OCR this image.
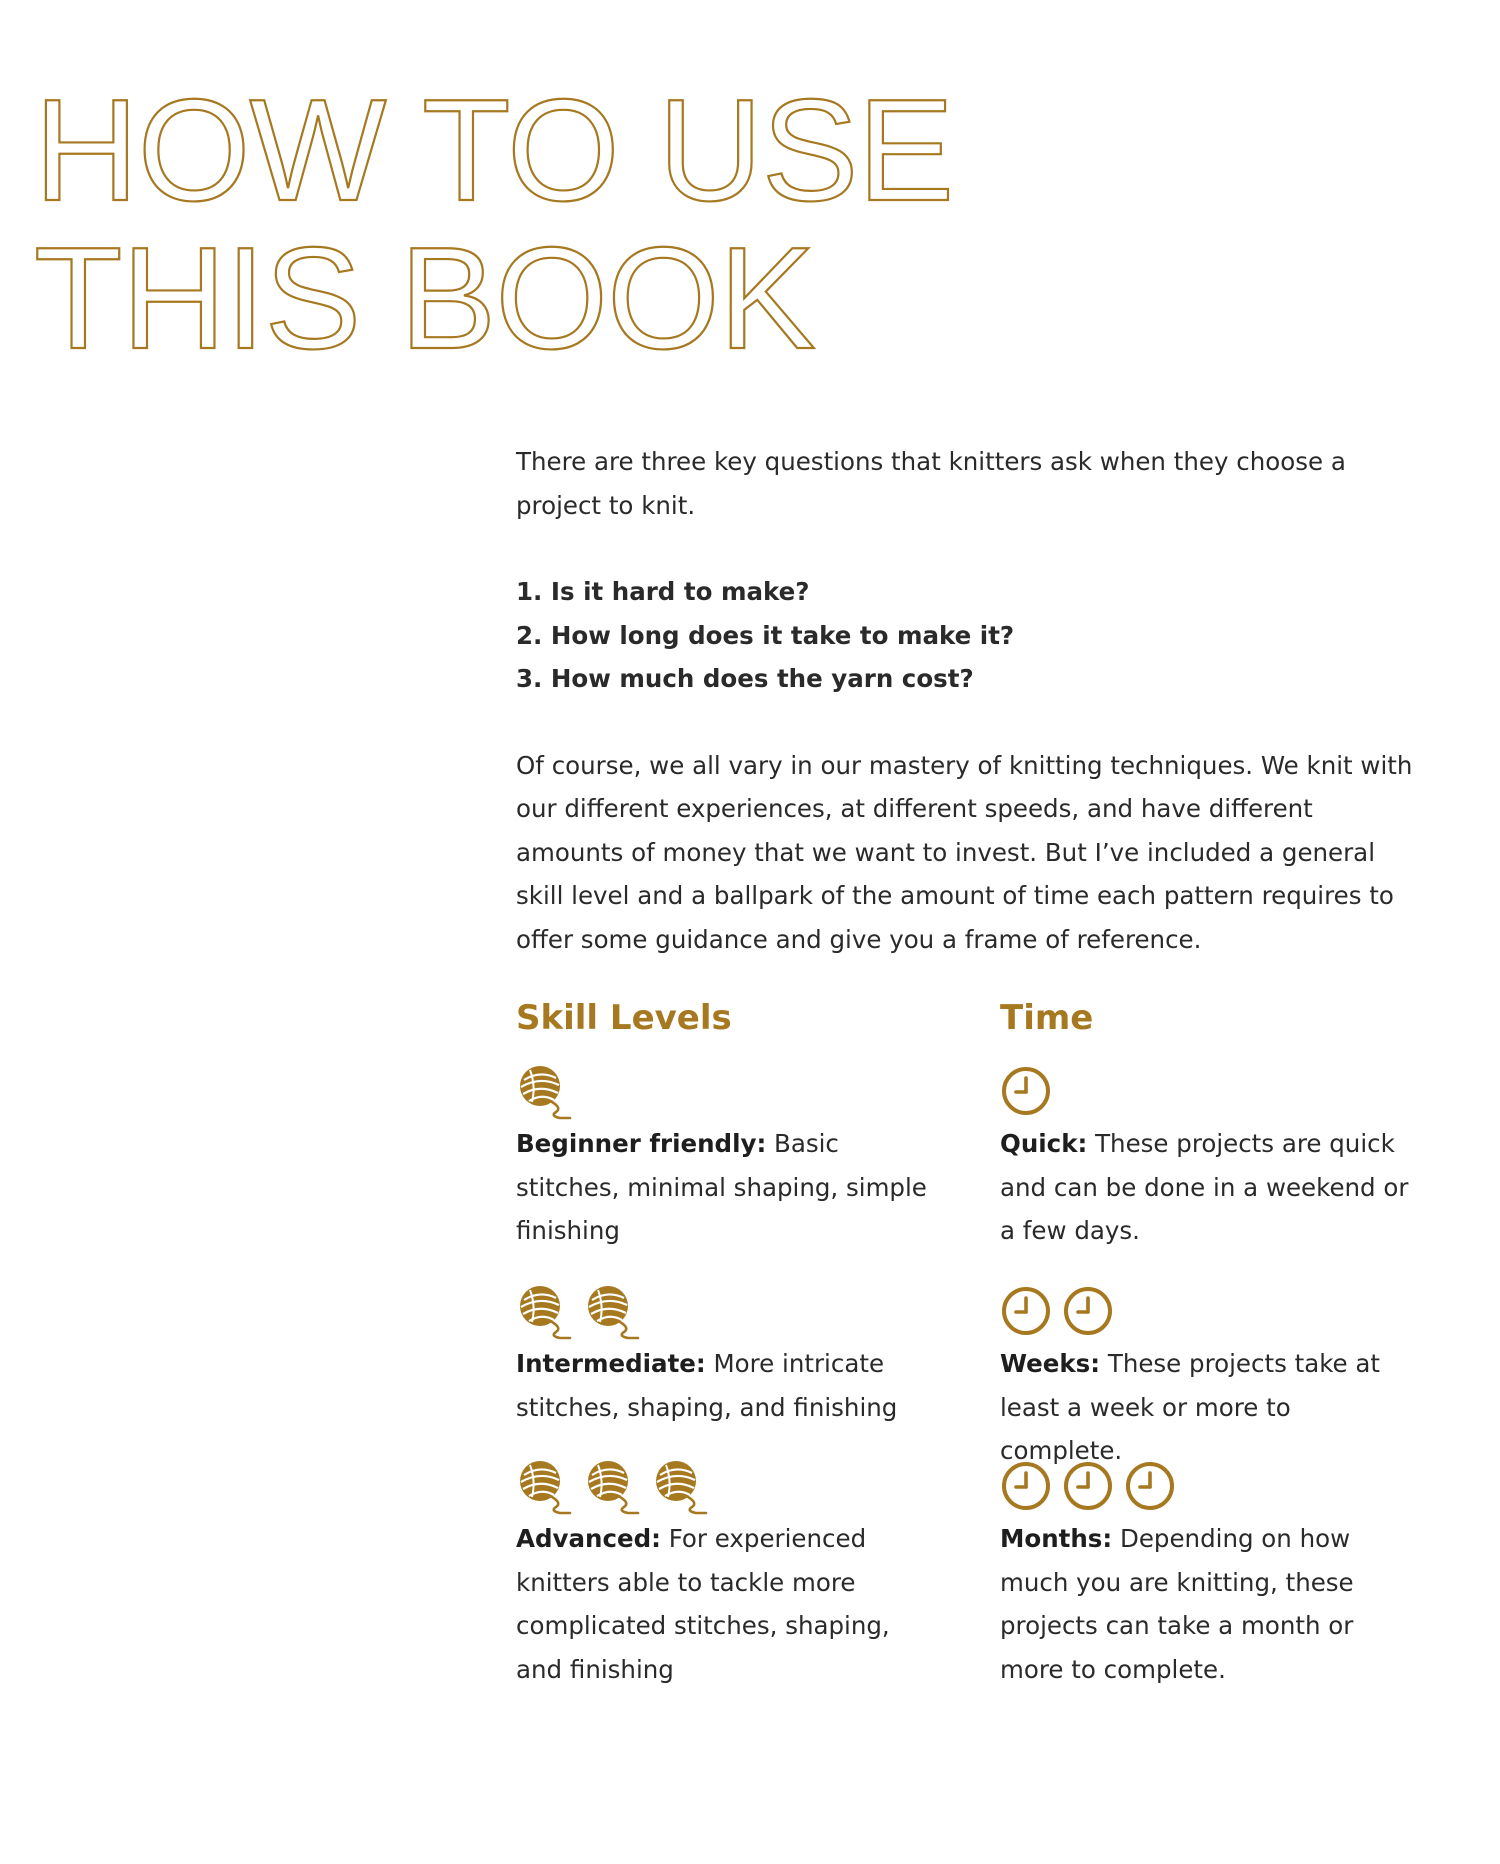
HOW TO USE
THIS BOOK

There are three key questions that knitters ask when they choose a project to knit.

1. Is it hard to make?
2. How long does it take to make it?
3. How much does the yarn cost?

Of course, we all vary in our mastery of knitting techniques. We knit with our different experiences, at different speeds, and have different amounts of money that we want to invest. But I’ve included a general skill level and a ballpark of the amount of time each pattern requires to offer some guidance and give you a frame of reference.

Skill Levels

Beginner friendly: Basic stitches, minimal shaping, simple finishing

Intermediate: More intricate stitches, shaping, and finishing

Advanced: For experienced knitters able to tackle more complicated stitches, shaping, and finishing

Time

Quick: These projects are quick and can be done in a weekend or a few days.

Weeks: These projects take at least a week or more to complete.

Months: Depending on how much you are knitting, these projects can take a month or more to complete.
